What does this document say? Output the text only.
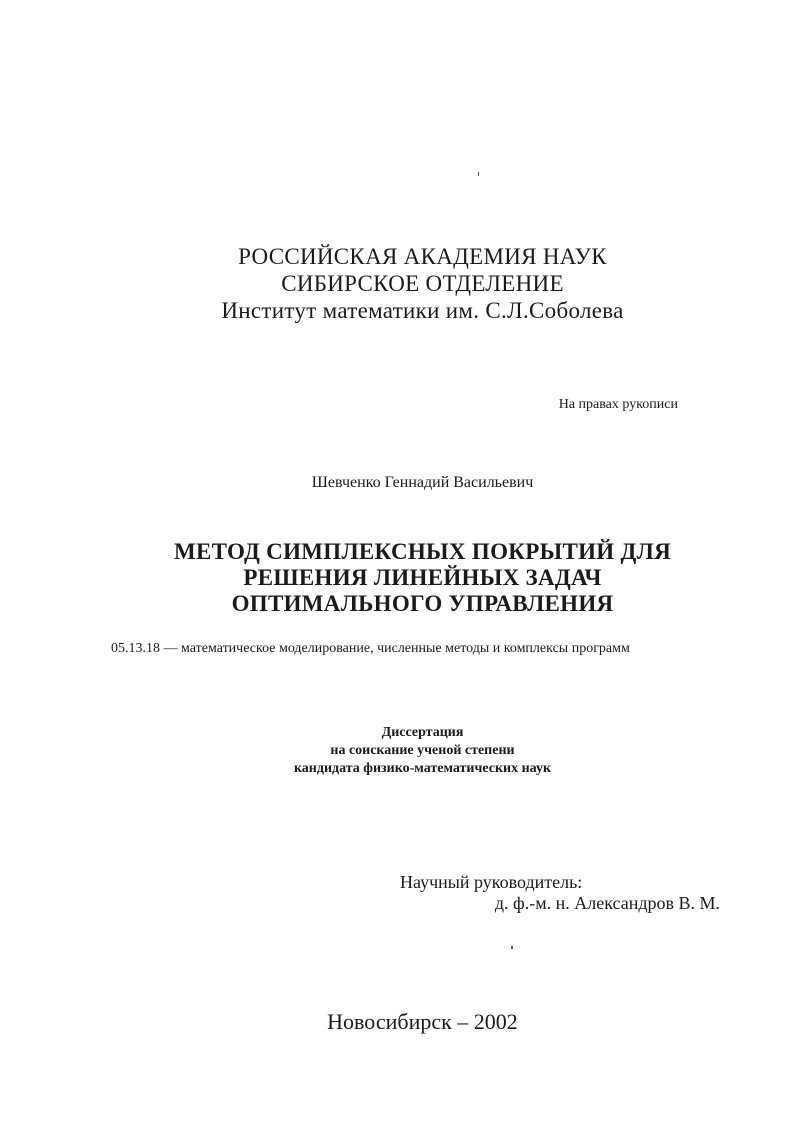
РОССИЙСКАЯ АКАДЕМИЯ НАУК
СИБИРСКОЕ ОТДЕЛЕНИЕ
Институт математики им. С.Л.Соболева
На правах рукописи
Шевченко Геннадий Васильевич
МЕТОД СИМПЛЕКСНЫХ ПОКРЫТИЙ ДЛЯ
РЕШЕНИЯ ЛИНЕЙНЫХ ЗАДАЧ
ОПТИМАЛЬНОГО УПРАВЛЕНИЯ
05.13.18 — математическое моделирование, численные методы и комплексы программ
Диссертация
на соискание ученой степени
кандидата физико-математических наук
Научный руководитель:
д. ф.-м. н. Александров В. М.
Новосибирск – 2002
